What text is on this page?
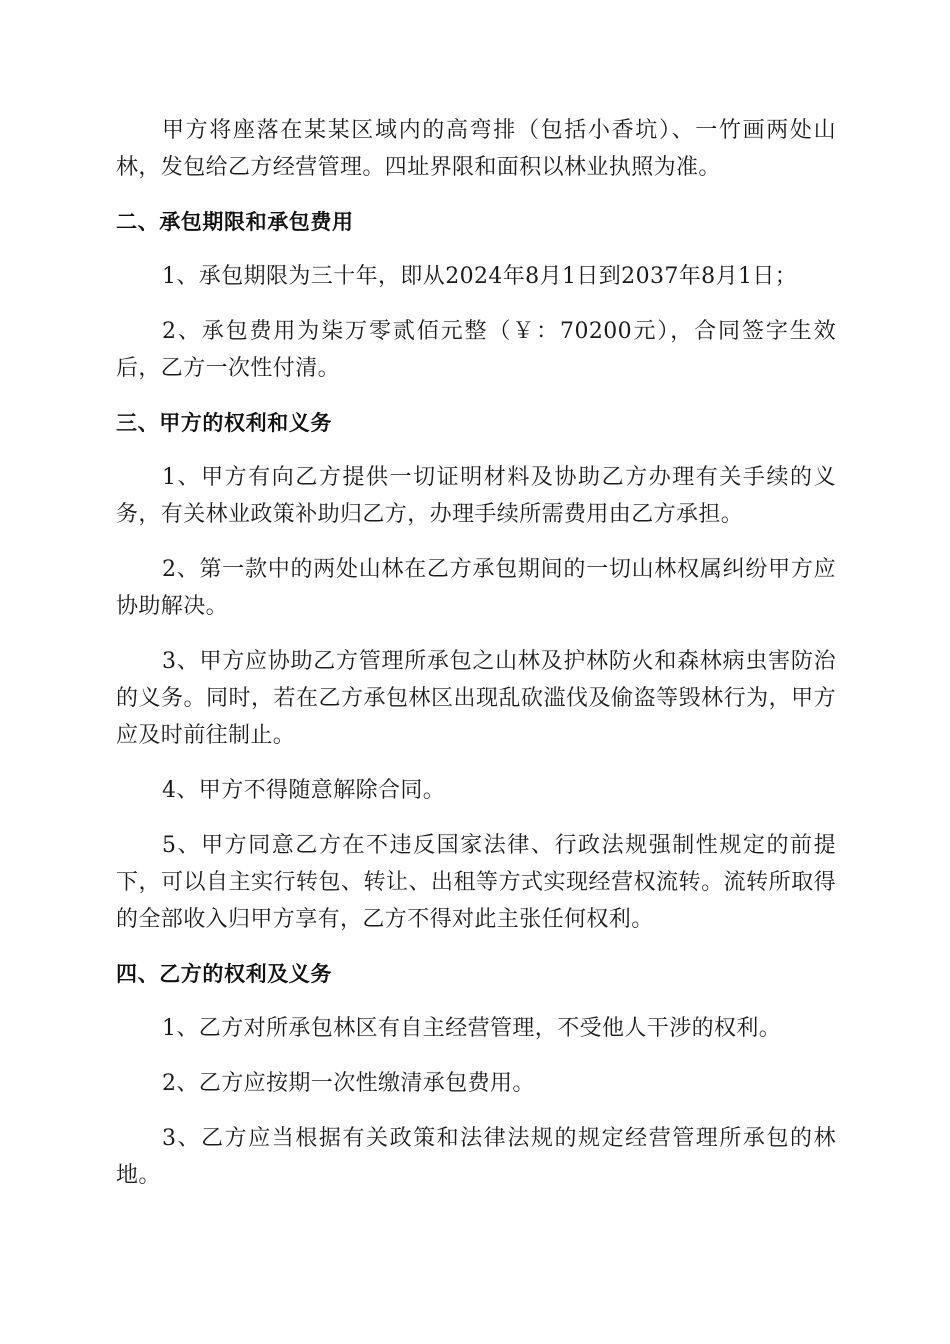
甲方将座落在某某区域内的高弯排（包括小香坑）、一竹画两处山林，发包给乙方经营管理。四址界限和面积以林业执照为准。

二、承包期限和承包费用

1、承包期限为三十年，即从2024年8月1日到2037年8月1日；

2、承包费用为柒万零贰佰元整（￥：70200元），合同签字生效后，乙方一次性付清。

三、甲方的权利和义务

1、甲方有向乙方提供一切证明材料及协助乙方办理有关手续的义务，有关林业政策补助归乙方，办理手续所需费用由乙方承担。

2、第一款中的两处山林在乙方承包期间的一切山林权属纠纷甲方应协助解决。

3、甲方应协助乙方管理所承包之山林及护林防火和森林病虫害防治的义务。同时，若在乙方承包林区出现乱砍滥伐及偷盗等毁林行为，甲方应及时前往制止。

4、甲方不得随意解除合同。

5、甲方同意乙方在不违反国家法律、行政法规强制性规定的前提下，可以自主实行转包、转让、出租等方式实现经营权流转。流转所取得的全部收入归甲方享有，乙方不得对此主张任何权利。

四、乙方的权利及义务

1、乙方对所承包林区有自主经营管理，不受他人干涉的权利。

2、乙方应按期一次性缴清承包费用。

3、乙方应当根据有关政策和法律法规的规定经营管理所承包的林地。
